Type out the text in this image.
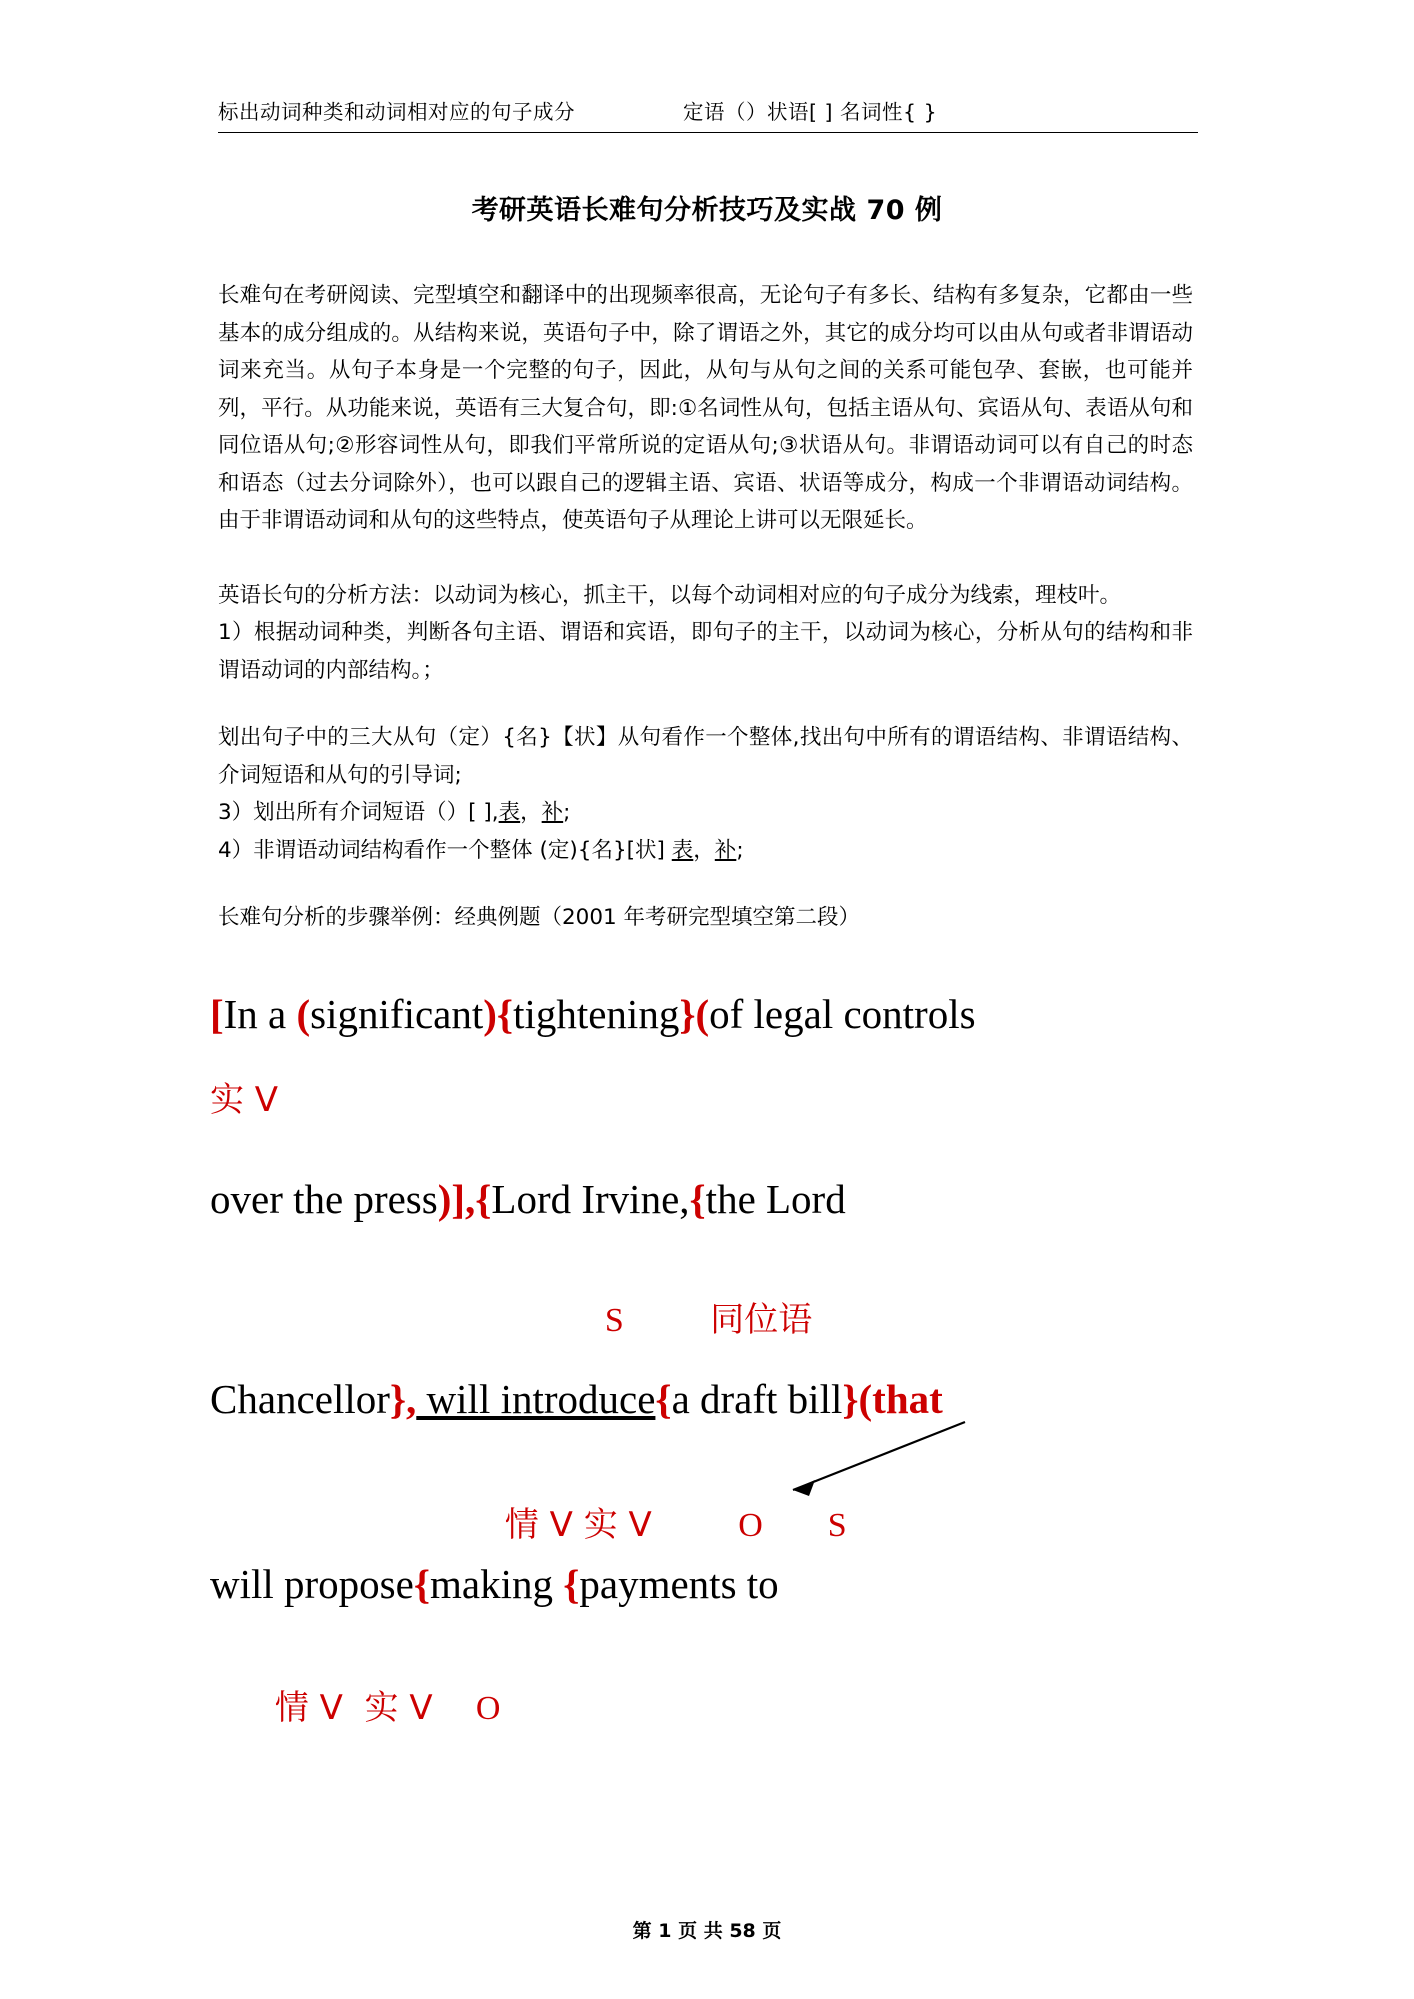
标出动词种类和动词相对应的句子成分	定语（）状语[ ] 名词性{ }
考研英语长难句分析技巧及实战 70 例

长难句在考研阅读、完型填空和翻译中的出现频率很高，无论句子有多长、结构有多复杂，它都由一些基本的成分组成的。从结构来说，英语句子中，除了谓语之外，其它的成分均可以由从句或者非谓语动词来充当。从句子本身是一个完整的句子，因此，从句与从句之间的关系可能包孕、套嵌，也可能并列，平行。从功能来说，英语有三大复合句，即:①名词性从句，包括主语从句、宾语从句、表语从句和同位语从句;②形容词性从句，即我们平常所说的定语从句;③状语从句。非谓语动词可以有自己的时态和语态（过去分词除外），也可以跟自己的逻辑主语、宾语、状语等成分，构成一个非谓语动词结构。由于非谓语动词和从句的这些特点，使英语句子从理论上讲可以无限延长。

英语长句的分析方法：以动词为核心，抓主干，以每个动词相对应的句子成分为线索，理枝叶。

1）根据动词种类，判断各句主语、谓语和宾语，即句子的主干，以动词为核心，分析从句的结构和非谓语动词的内部结构。；

划出句子中的三大从句（定）{名}【状】从句看作一个整体,找出句中所有的谓语结构、非谓语结构、介词短语和从句的引导词;

3）划出所有介词短语（）[ ],表，补;

4）非谓语动词结构看作一个整体 (定){名}[状] 表，补;

长难句分析的步骤举例：经典例题（2001 年考研完型填空第二段）

[In a (significant){tightening}(of legal controls
实 V
over the press)],{Lord Irvine,{the Lord

S	同位语

Chancellor}, will introduce{a draft bill}(that

情 V 实 V	O S

will propose{making {payments to

情 V  实 V O

第 1 页 共 58 页
